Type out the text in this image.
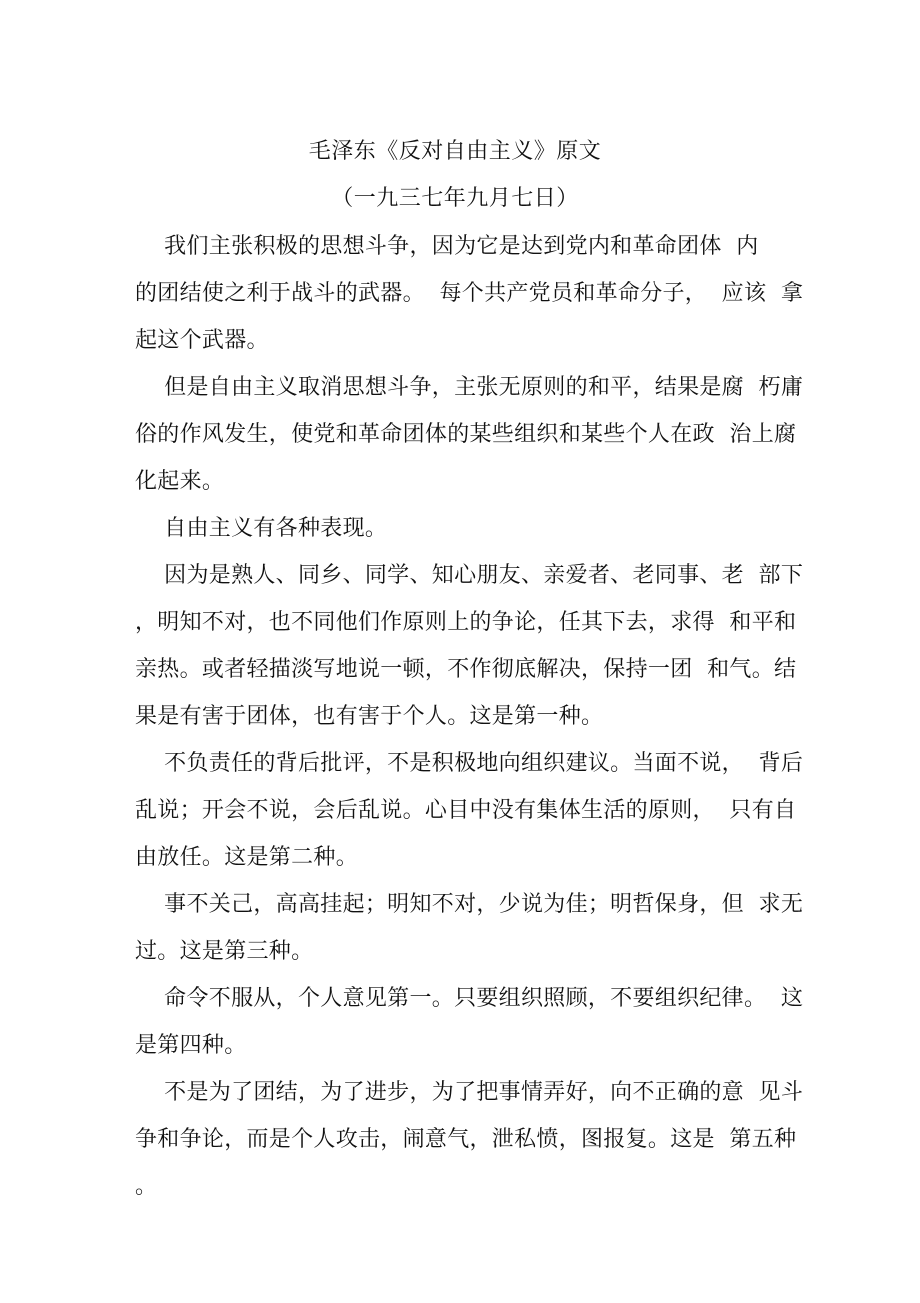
毛泽东《反对自由主义》原文
（一九三七年九月七日）
我们主张积极的思想斗争，因为它是达到党内和革命团体  内
的团结使之利于战斗的武器。  每个共产党员和革命分子，  应该  拿
起这个武器。
但是自由主义取消思想斗争，主张无原则的和平，结果是腐  朽庸
俗的作风发生，使党和革命团体的某些组织和某些个人在政  治上腐
化起来。
自由主义有各种表现。
因为是熟人、同乡、同学、知心朋友、亲爱者、老同事、老  部下
，明知不对，也不同他们作原则上的争论，任其下去，求得  和平和
亲热。或者轻描淡写地说一顿，不作彻底解决，保持一团  和气。结
果是有害于团体，也有害于个人。这是第一种。
不负责任的背后批评，不是积极地向组织建议。当面不说，  背后
乱说；开会不说，会后乱说。心目中没有集体生活的原则，  只有自
由放任。这是第二种。
事不关己，高高挂起；明知不对，少说为佳；明哲保身，但  求无
过。这是第三种。
命令不服从，个人意见第一。只要组织照顾，不要组织纪律。  这
是第四种。
不是为了团结，为了进步，为了把事情弄好，向不正确的意  见斗
争和争论，而是个人攻击，闹意气，泄私愤，图报复。这是  第五种
。
